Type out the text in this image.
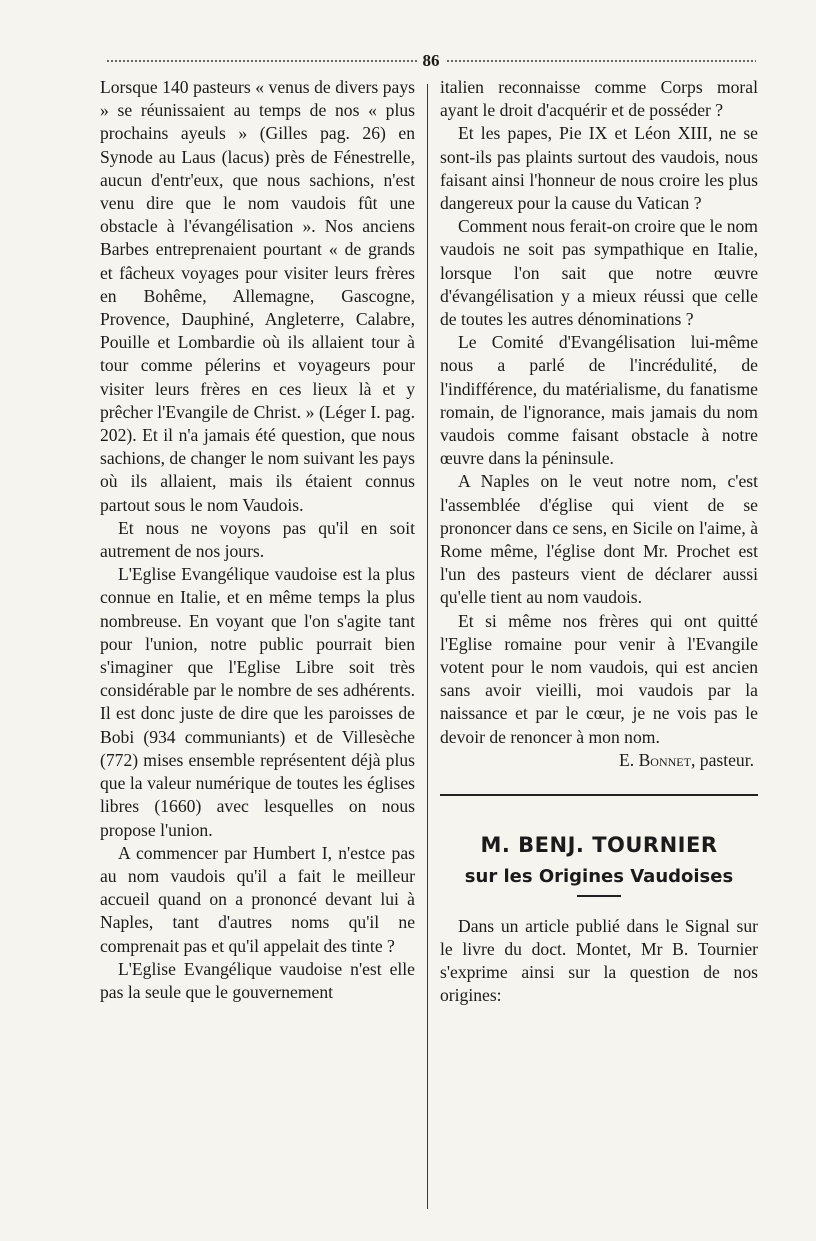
86

Lorsque 140 pasteurs « venus de divers pays » se réunissaient au temps de nos « plus prochains ayeuls » (Gilles pag. 26) en Synode au Laus (lacus) près de Fénestrelle, aucun d'entr'eux, que nous sachions, n'est venu dire que le nom vaudois fût une obstacle à l'évangélisation ». Nos anciens Barbes entreprenaient pourtant « de grands et fâcheux voyages pour visiter leurs frères en Bohême, Allemagne, Gascogne, Provence, Dauphiné, Angleterre, Calabre, Pouille et Lombardie où ils allaient tour à tour comme pélerins et voyageurs pour visiter leurs frères en ces lieux là et y prêcher l'Evangile de Christ. » (Léger I. pag. 202). Et il n'a jamais été question, que nous sachions, de changer le nom suivant les pays où ils allaient, mais ils étaient connus partout sous le nom Vaudois.

Et nous ne voyons pas qu'il en soit autrement de nos jours.

L'Eglise Evangélique vaudoise est la plus connue en Italie, et en même temps la plus nombreuse. En voyant que l'on s'agite tant pour l'union, notre public pourrait bien s'imaginer que l'Eglise Libre soit très considérable par le nombre de ses adhérents. Il est donc juste de dire que les paroisses de Bobi (934 communiants) et de Villesèche (772) mises ensemble représentent déjà plus que la valeur numérique de toutes les églises libres (1660) avec lesquelles on nous propose l'union.

A commencer par Humbert I, n'estce pas au nom vaudois qu'il a fait le meilleur accueil quand on a prononcé devant lui à Naples, tant d'autres noms qu'il ne comprenait pas et qu'il appelait des tinte ?

L'Eglise Evangélique vaudoise n'est elle pas la seule que le gouvernement

italien reconnaisse comme Corps moral ayant le droit d'acquérir et de posséder ?

Et les papes, Pie IX et Léon XIII, ne se sont-ils pas plaints surtout des vaudois, nous faisant ainsi l'honneur de nous croire les plus dangereux pour la cause du Vatican ?

Comment nous ferait-on croire que le nom vaudois ne soit pas sympathique en Italie, lorsque l'on sait que notre œuvre d'évangélisation y a mieux réussi que celle de toutes les autres dénominations ?

Le Comité d'Evangélisation lui-même nous a parlé de l'incrédulité, de l'indifférence, du matérialisme, du fanatisme romain, de l'ignorance, mais jamais du nom vaudois comme faisant obstacle à notre œuvre dans la péninsule.

A Naples on le veut notre nom, c'est l'assemblée d'église qui vient de se prononcer dans ce sens, en Sicile on l'aime, à Rome même, l'église dont Mr. Prochet est l'un des pasteurs vient de déclarer aussi qu'elle tient au nom vaudois.

Et si même nos frères qui ont quitté l'Eglise romaine pour venir à l'Evangile votent pour le nom vaudois, qui est ancien sans avoir vieilli, moi vaudois par la naissance et par le cœur, je ne vois pas le devoir de renoncer à mon nom.

E. Bonnet, pasteur.

M. BENJ. TOURNIER
sur les Origines Vaudoises

Dans un article publié dans le Signal sur le livre du doct. Montet, Mr B. Tournier s'exprime ainsi sur la question de nos origines:
